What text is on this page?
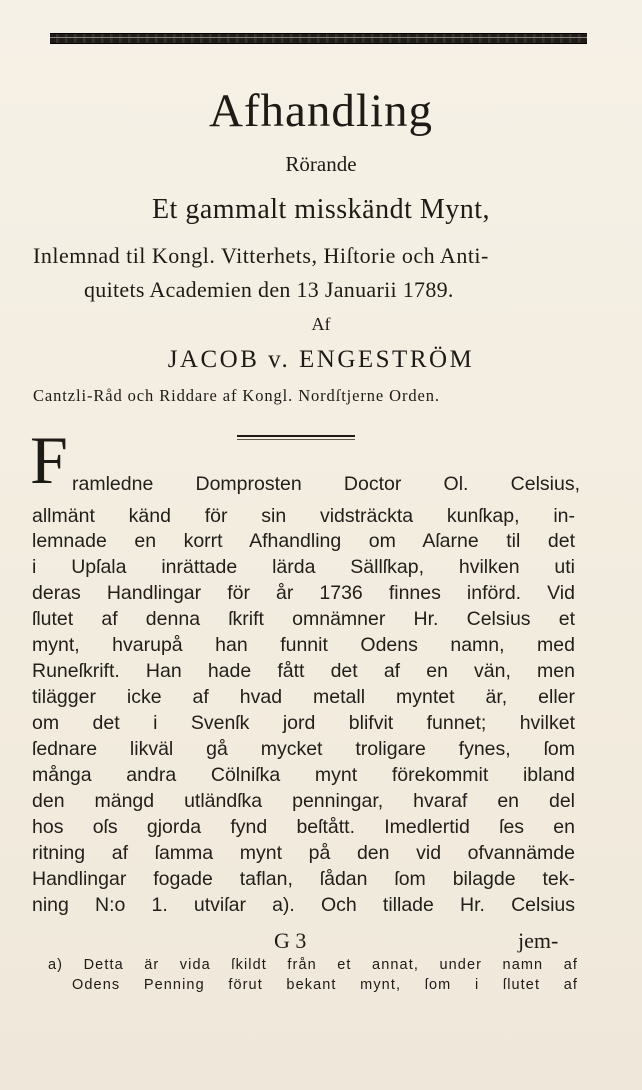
Afhandling
Rörande
Et gammalt misskändt Mynt,
Inlemnad til Kongl. Vitterhets, Hiſtorie och Anti-
quitets Academien den 13 Januarii 1789.
Af
JACOB v. ENGESTRÖM
Cantzli-Råd och Riddare af Kongl. Nordſtjerne Orden.
F ramledne Domprosten Doctor Ol. Celsius,
allmänt känd för sin vidsträckta kunſkap, in-
lemnade en korrt Afhandling om Aſarne til det
i Upſala inrättade lärda Sällſkap, hvilken uti
deras Handlingar för år 1736 finnes införd. Vid
ſlutet af denna ſkrift omnämner Hr. Celsius et
mynt, hvarupå han funnit Odens namn, med
Runeſkrift. Han hade fått det af en vän, men
tilägger icke af hvad metall myntet är, eller
om det i Svenſk jord blifvit funnet; hvilket
ſednare likväl gå mycket troligare fynes, ſom
många andra Cölniſka mynt förekommit ibland
den mängd utländſka penningar, hvaraf en del
hos oſs gjorda fynd beſtått. Imedlertid ſes en
ritning af ſamma mynt på den vid ofvannämde
Handlingar fogade taflan, ſådan ſom bilagde tek-
ning N:o 1. utviſar a). Och tillade Hr. Celsius
G 3	jem-
a) Detta är vida ſkildt från et annat, under namn af
Odens Penning förut bekant mynt, ſom i ſlutet af
